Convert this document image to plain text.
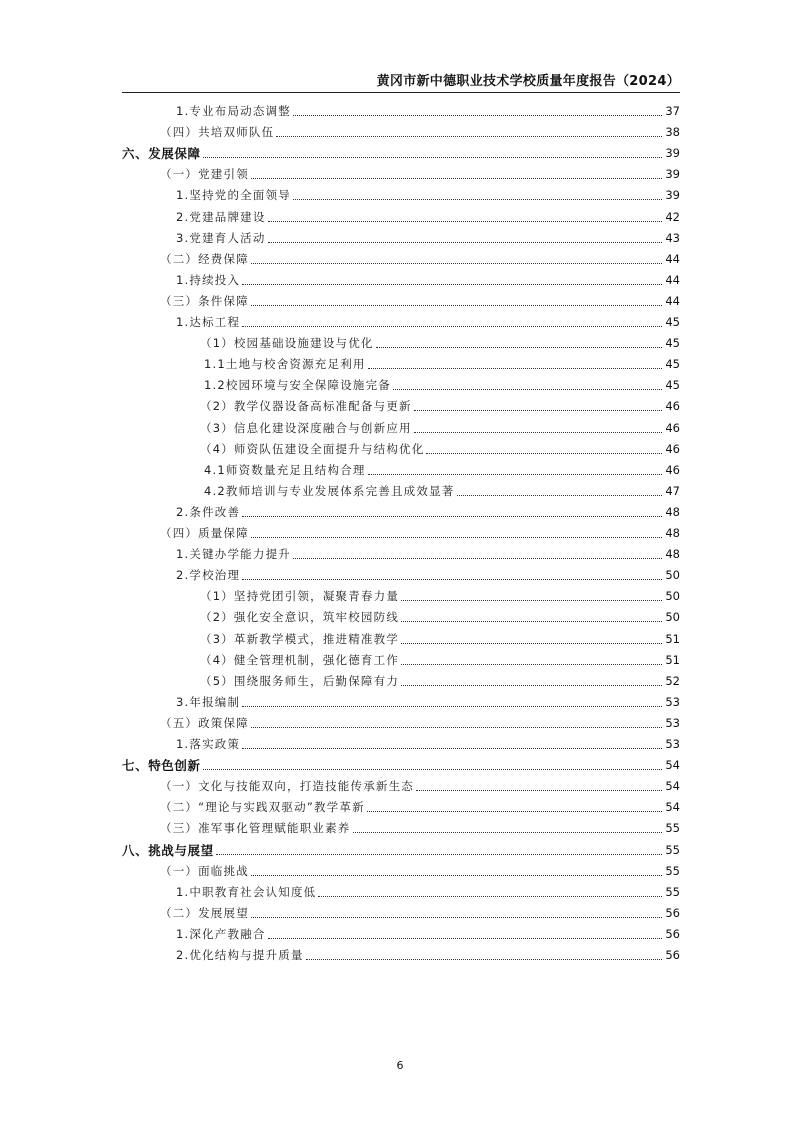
黄冈市新中德职业技术学校质量年度报告（2024）
1.专业布局动态调整	37
（四）共培双师队伍	38
六、发展保障	39
（一）党建引领	39
1.坚持党的全面领导	39
2.党建品牌建设	42
3.党建育人活动	43
（二）经费保障	44
1.持续投入	44
（三）条件保障	44
1.达标工程	45
（1）校园基础设施建设与优化	45
1.1土地与校舍资源充足利用	45
1.2校园环境与安全保障设施完备	45
（2）教学仪器设备高标准配备与更新	46
（3）信息化建设深度融合与创新应用	46
（4）师资队伍建设全面提升与结构优化	46
4.1师资数量充足且结构合理	46
4.2教师培训与专业发展体系完善且成效显著	47
2.条件改善	48
（四）质量保障	48
1.关键办学能力提升	48
2.学校治理	50
（1）坚持党团引领，凝聚青春力量	50
（2）强化安全意识，筑牢校园防线	50
（3）革新教学模式，推进精准教学	51
（4）健全管理机制，强化德育工作	51
（5）围绕服务师生，后勤保障有力	52
3.年报编制	53
（五）政策保障	53
1.落实政策	53
七、特色创新	54
（一）文化与技能双向，打造技能传承新生态	54
（二）“理论与实践双驱动”教学革新	54
（三）准军事化管理赋能职业素养	55
八、挑战与展望	55
（一）面临挑战	55
1.中职教育社会认知度低	55
（二）发展展望	56
1.深化产教融合	56
2.优化结构与提升质量	56
6
